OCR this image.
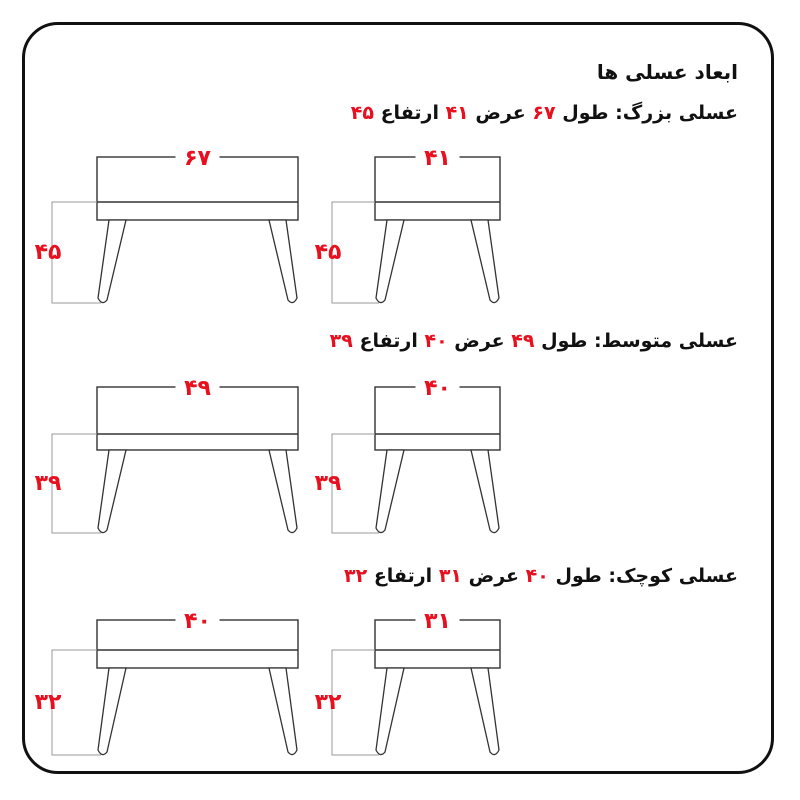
ابعاد عسلی ها
عسلی بزرگ: طول ۶۷ عرض ۴۱ ارتفاع ۴۵
عسلی متوسط: طول ۴۹ عرض ۴۰ ارتفاع ۳۹
عسلی کوچک: طول ۴۰ عرض ۳۱ ارتفاع ۳۲
۶۷
۴۵
۴۱
۴۵
۴۹
۳۹
۴۰
۳۹
۴۰
۳۲
۳۱
۳۲
